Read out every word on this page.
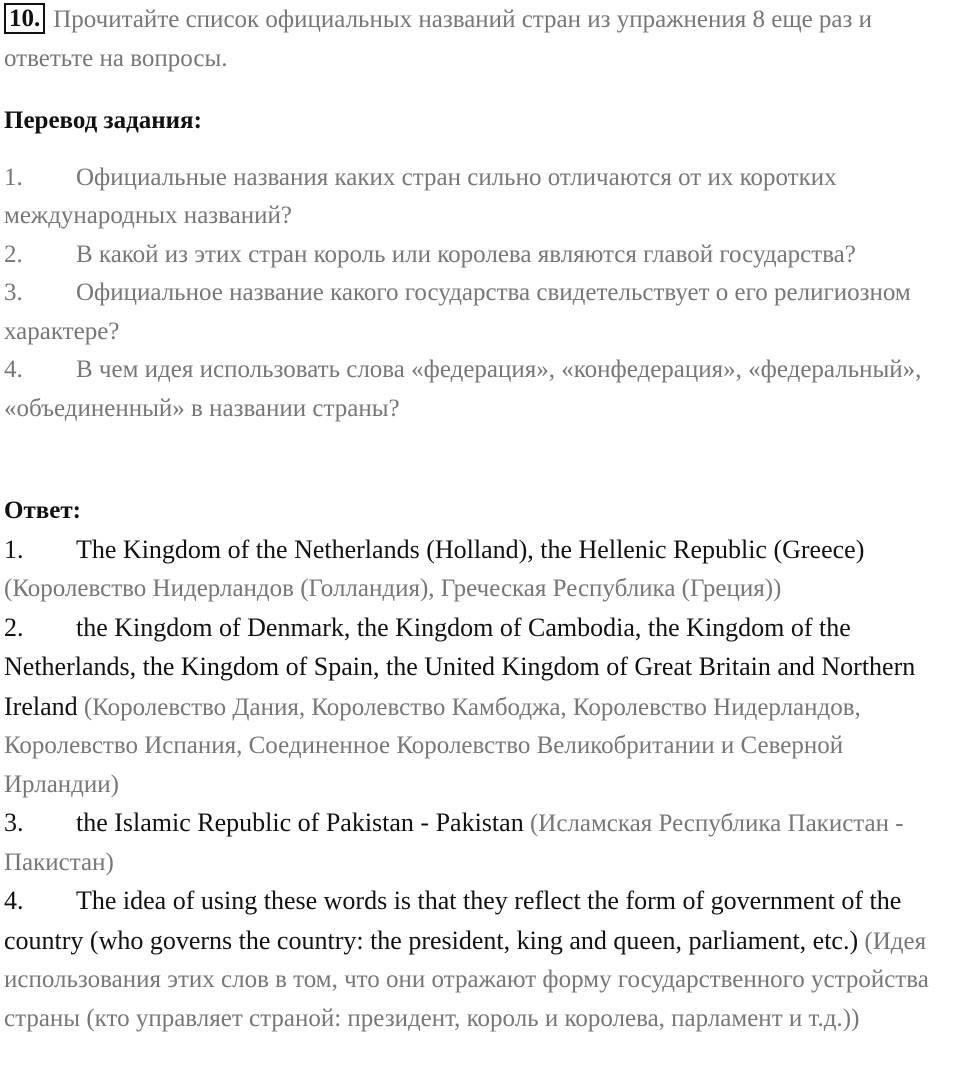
10. Прочитайте список официальных названий стран из упражнения 8 еще раз и ответьте на вопросы.

Перевод задания:

1. Официальные названия каких стран сильно отличаются от их коротких международных названий?
2. В какой из этих стран король или королева являются главой государства?
3. Официальное название какого государства свидетельствует о его религиозном характере?
4. В чем идея использовать слова «федерация», «конфедерация», «федеральный», «объединенный» в названии страны?

Ответ:

1. The Kingdom of the Netherlands (Holland), the Hellenic Republic (Greece) (Королевство Нидерландов (Голландия), Греческая Республика (Греция))
2. the Kingdom of Denmark, the Kingdom of Cambodia, the Kingdom of the Netherlands, the Kingdom of Spain, the United Kingdom of Great Britain and Northern Ireland (Королевство Дания, Королевство Камбоджа, Королевство Нидерландов, Королевство Испания, Соединенное Королевство Великобритании и Северной Ирландии)
3. the Islamic Republic of Pakistan - Pakistan (Исламская Республика Пакистан - Пакистан)
4. The idea of using these words is that they reflect the form of government of the country (who governs the country: the president, king and queen, parliament, etc.) (Идея использования этих слов в том, что они отражают форму государственного устройства страны (кто управляет страной: президент, король и королева, парламент и т.д.))
